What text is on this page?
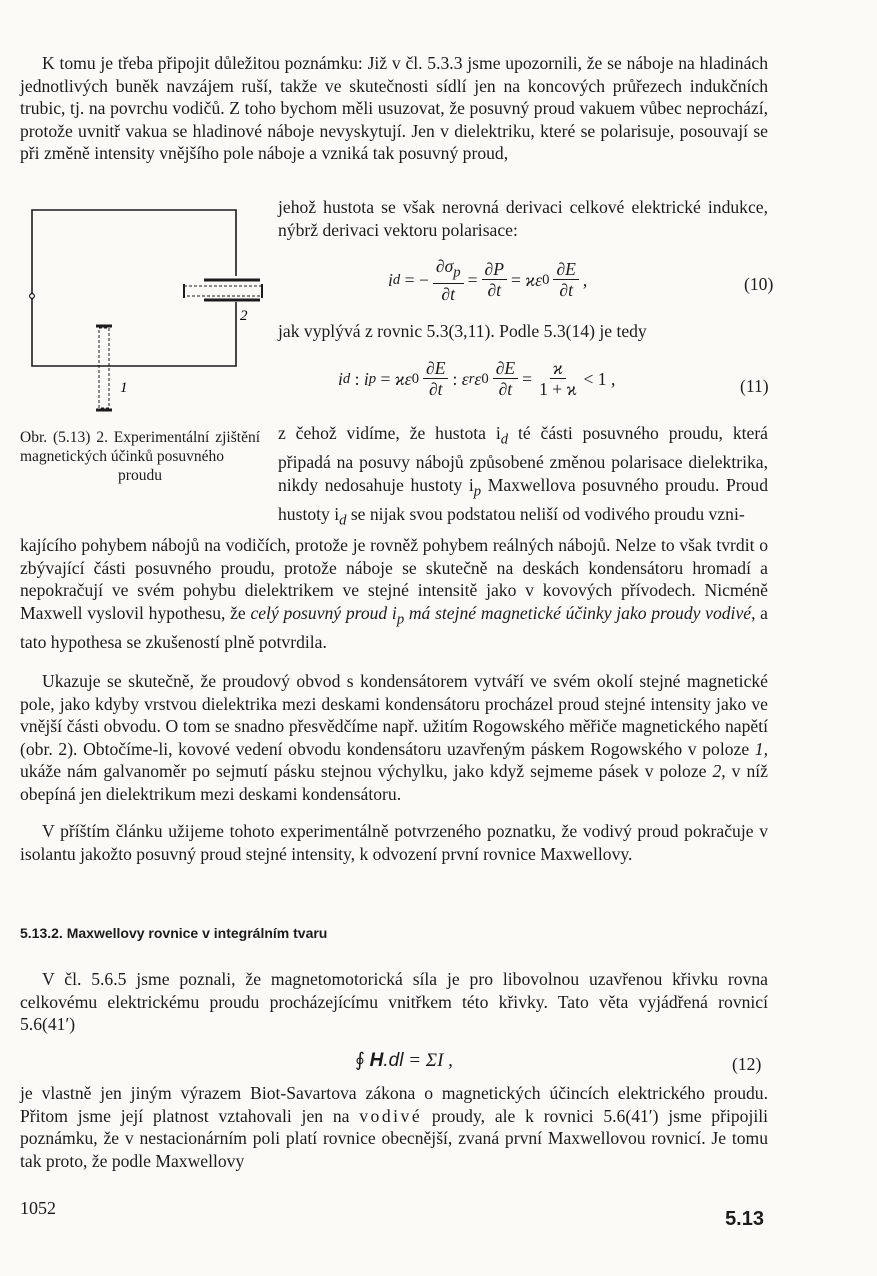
K tomu je třeba připojit důležitou poznámku: Již v čl. 5.3.3 jsme upozornili, že se náboje na hladinách jednotlivých buněk navzájem ruší, takže ve skutečnosti sídlí jen na koncových průřezech indukčních trubic, tj. na povrchu vodičů. Z toho bychom měli usuzovat, že posuvný proud vakuem vůbec neprochází, protože uvnitř vakua se hladinové náboje nevyskytují. Jen v dielektriku, které se polarisuje, posouvají se při změně intensity vnějšího pole náboje a vzniká tak posuvný proud,

2
1

jehož hustota se však nerovná derivaci celkové elektrické indukce, nýbrž derivaci vektoru polarisace:

i d = − $\frac{\partial\sigma_p}{\partial t} = \frac{\partial P}{\partial t} = ϰ\varepsilon$ $0 \frac{\partial E}{\partial t}$ ,	(10)

jak vyplývá z rovnic 5.3(3,11). Podle 5.3(14) je tedy

i d : i p = ϰε $0 \frac{\partial E}{\partial t}$ : ε r ε $0 \frac{\partial E}{\partial t} = \frac{ϰ}{1 + ϰ} < 1$ ,	(11)
Obr. (5.13) 2. Experimentální zjištění magnetických účinků posuvného
proudu

z čehož vidíme, že hustota $i_d$ té části posuvného proudu, která připadá na posuvy nábojů způsobené změnou polarisace dielektrika, nikdy nedosahuje hustoty $i_p$ Maxwellova posuvného proudu. Proud hustoty $i_d$ se nijak svou podstatou neliší od vodivého proudu vzni-

kajícího pohybem nábojů na vodičích, protože je rovněž pohybem reálných nábojů. Nelze to však tvrdit o zbývající části posuvného proudu, protože náboje se skutečně na deskách kondensátoru hromadí a nepokračují ve svém pohybu dielektrikem ve stejné intensitě jako v kovových přívodech. Nicméně Maxwell vyslovil hypothesu, že celý posuvný proud $i_p$ má stejné magnetické účinky jako proudy vodivé, a tato hypothesa se zkušeností plně potvrdila.

Ukazuje se skutečně, že proudový obvod s kondensátorem vytváří ve svém okolí stejné magnetické pole, jako kdyby vrstvou dielektrika mezi deskami kondensátoru procházel proud stejné intensity jako ve vnější části obvodu. O tom se snadno přesvědčíme např. užitím Rogowského měřiče magnetického napětí (obr. 2). Obtočíme-li, kovové vedení obvodu kondensátoru uzavřeným páskem Rogowského v poloze 1, ukáže nám galvanoměr po sejmutí pásku stejnou výchylku, jako když sejmeme pásek v poloze 2, v níž obepíná jen dielektrikum mezi deskami kondensátoru.

V příštím článku užijeme tohoto experimentálně potvrzeného poznatku, že vodivý proud pokračuje v isolantu jakožto posuvný proud stejné intensity, k odvození první rovnice Maxwellovy.

5.13.2. Maxwellovy rovnice v integrálním tvaru

V čl. 5.6.5 jsme poznali, že magnetomotorická síla je pro libovolnou uzavřenou křivku rovna celkovému elektrickému proudu procházejícímu vnitřkem této křivky. Tato věta vyjádřená rovnicí 5.6(41′)

∮
H .dl
= ΣI ,	(12)

je vlastně jen jiným výrazem Biot-Savartova zákona o magnetických účincích elektrického proudu. Přitom jsme její platnost vztahovali jen na vodivé proudy, ale k rovnici 5.6(41′) jsme připojili poznámku, že v nestacionárním poli platí rovnice obecnější, zvaná první Maxwellovou rovnicí. Je tomu tak proto, že podle Maxwellovy

1052	5.13
